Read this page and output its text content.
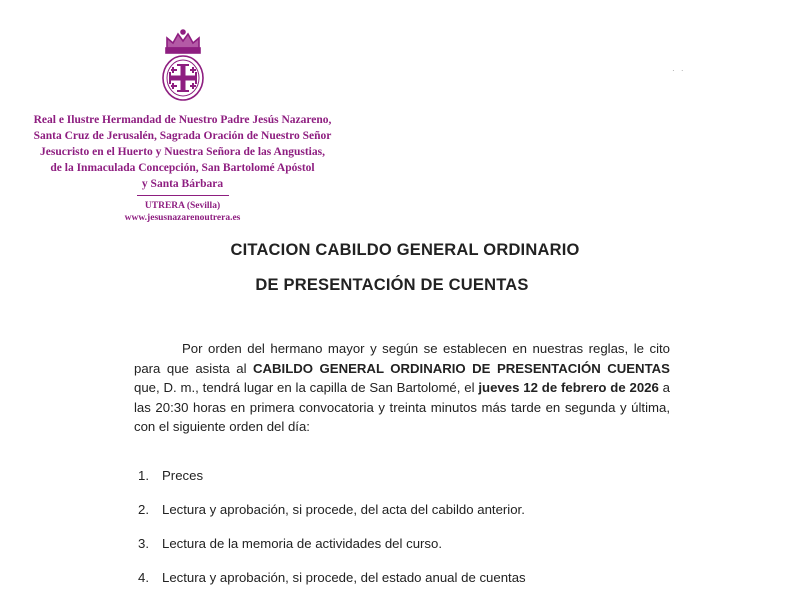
Real e Ilustre Hermandad de Nuestro Padre Jesús Nazareno,
Santa Cruz de Jerusalén, Sagrada Oración de Nuestro Señor
Jesucristo en el Huerto y Nuestra Señora de las Angustias,
de la Inmaculada Concepción, San Bartolomé Apóstol
y Santa Bárbara
UTRERA (Sevilla)
www.jesusnazarenoutrera.es
· ·
CITACION CABILDO GENERAL ORDINARIO
DE PRESENTACIÓN DE CUENTAS
Por orden del hermano mayor y según se establecen en nuestras reglas, le cito para que asista al CABILDO GENERAL ORDINARIO DE PRESENTACIÓN CUENTAS que, D. m., tendrá lugar en la capilla de San Bartolomé, el jueves 12 de febrero de 2026 a las 20:30 horas en primera convocatoria y treinta minutos más tarde en segunda y última, con el siguiente orden del día:
1. Preces
2. Lectura y aprobación, si procede, del acta del cabildo anterior.
3. Lectura de la memoria de actividades del curso.
4. Lectura y aprobación, si procede, del estado anual de cuentas
